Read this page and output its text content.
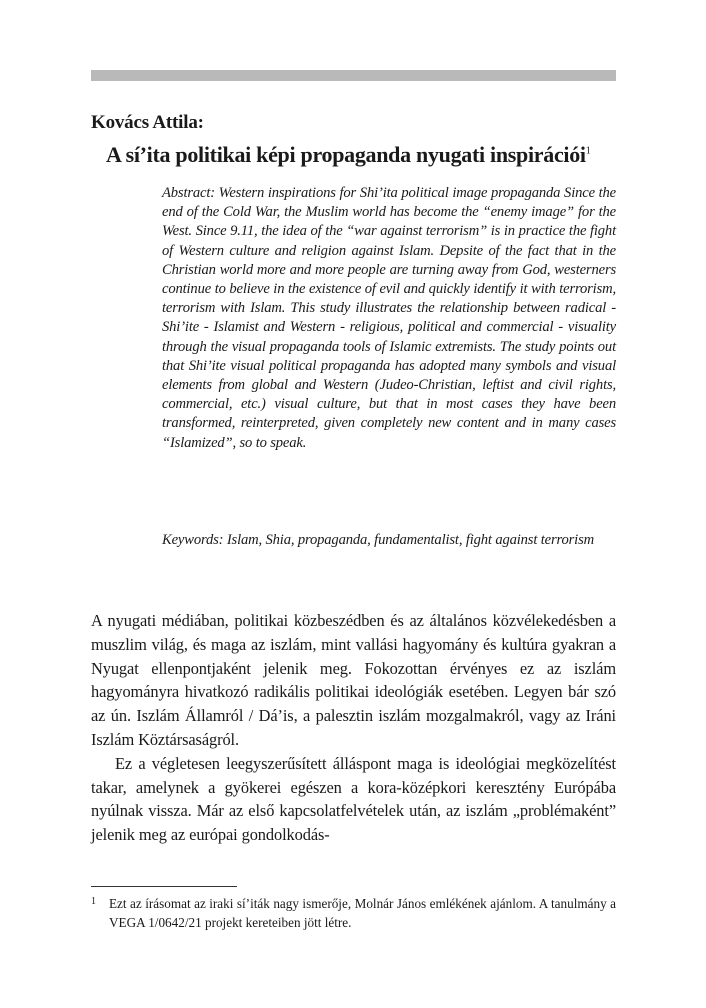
Kovács Attila:
A sí’ita politikai képi propaganda nyugati inspirációi$^1$
Abstract: Western inspirations for Shi’ita political image propaganda Since the end of the Cold War, the Muslim world has become the “enemy image” for the West. Since 9.11, the idea of the “war against terrorism” is in practice the fight of Western culture and religion against Islam. Depsite of the fact that in the Christian world more and more people are turning away from God, westerners continue to believe in the existence of evil and quickly identify it with terrorism, terrorism with Islam. This study illustrates the relationship between radical - Shi’ite - Islamist and Western - religious, political and commercial - visuality through the visual propaganda tools of Islamic extremists. The study points out that Shi’ite visual political propaganda has adopted many symbols and visual elements from global and Western (Judeo-Christian, leftist and civil rights, commercial, etc.) visual culture, but that in most cases they have been transformed, reinterpreted, given completely new content and in many cases “Islamized”, so to speak.
Keywords: Islam, Shia, propaganda, fundamentalist, fight against terrorism

A nyugati médiában, politikai közbeszédben és az általános közvélekedésben a muszlim világ, és maga az iszlám, mint vallási hagyomány és kultúra gyakran a Nyugat ellenpontjaként jelenik meg. Fokozottan érvényes ez az iszlám hagyományra hivatkozó radikális politikai ideológiák esetében. Legyen bár szó az ún. Iszlám Államról / Dá’is, a palesztin iszlám mozgalmakról, vagy az Iráni Iszlám Köztársaságról.

Ez a végletesen leegyszerűsített álláspont maga is ideológiai megközelítést takar, amelynek a gyökerei egészen a kora-középkori keresztény Európába nyúlnak vissza. Már az első kapcsolatfelvételek után, az iszlám „problémaként” jelenik meg az európai gondolkodás-

1 Ezt az írásomat az iraki sí’iták nagy ismerője, Molnár János emlékének ajánlom. A tanulmány a VEGA 1/0642/21 projekt kereteiben jött létre.
